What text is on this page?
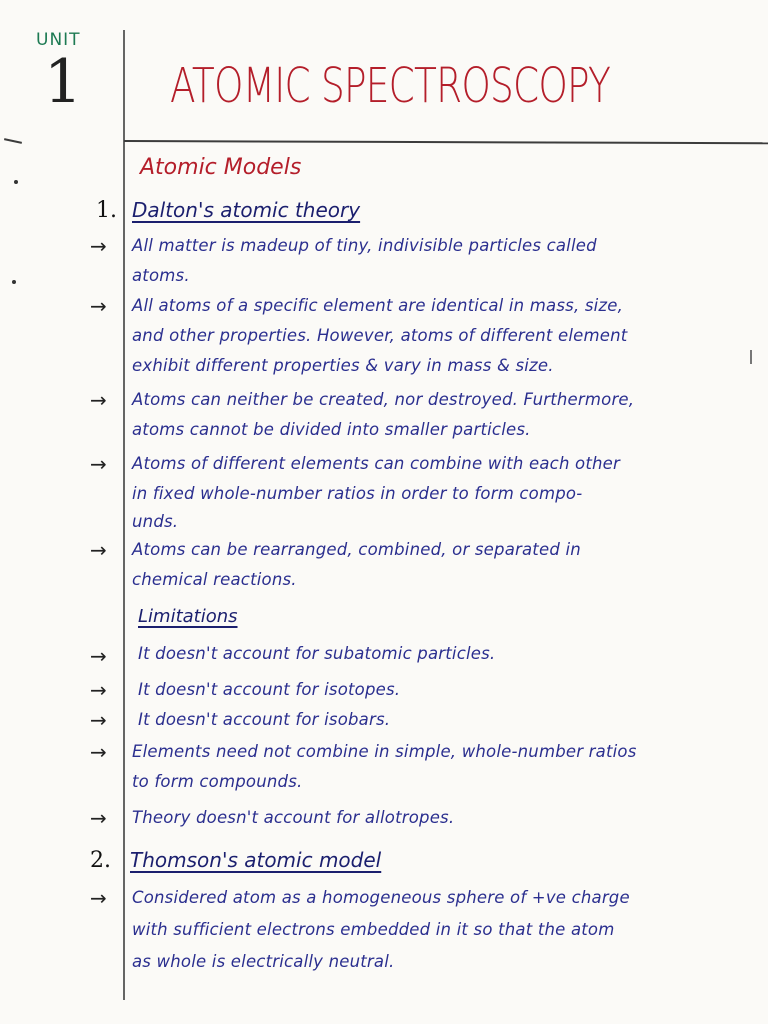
UNIT
1 ATOMIC SPECTROSCOPY
Atomic Models
1. Dalton's atomic theory
→ All matter is madeup of tiny, indivisible particles called
atoms.
→ All atoms of a specific element are identical in mass, size,
and other properties. However, atoms of different element
exhibit different properties & vary in mass & size.
→ Atoms can neither be created, nor destroyed. Furthermore,
atoms cannot be divided into smaller particles.
→ Atoms of different elements can combine with each other
in fixed whole-number ratios in order to form compo-
unds.
→ Atoms can be rearranged, combined, or separated in
chemical reactions.
Limitations
→ It doesn't account for subatomic particles.
→ It doesn't account for isotopes.
→ It doesn't account for isobars.
→ Elements need not combine in simple, whole-number ratios
to form compounds.
→ Theory doesn't account for allotropes.
2. Thomson's atomic model
→ Considered atom as a homogeneous sphere of +ve charge
with sufficient electrons embedded in it so that the atom
as whole is electrically neutral.
